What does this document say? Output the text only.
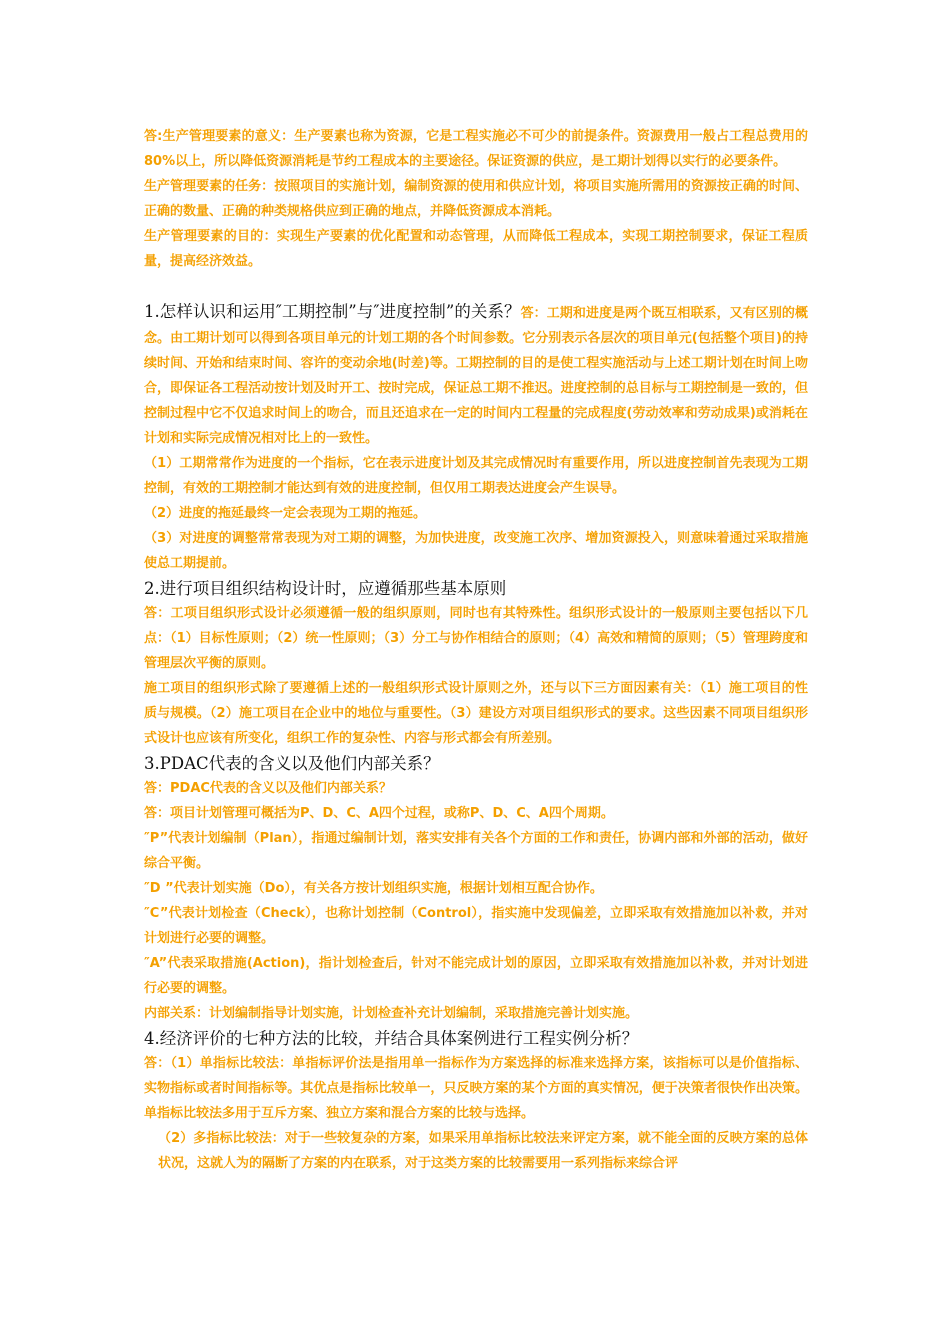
答:生产管理要素的意义：生产要素也称为资源，它是工程实施必不可少的前提条件。资源费用一般占工程总费用的80%以上，所以降低资源消耗是节约工程成本的主要途径。保证资源的供应，是工期计划得以实行的必要条件。

生产管理要素的任务：按照项目的实施计划，编制资源的使用和供应计划，将项目实施所需用的资源按正确的时间、正确的数量、正确的种类规格供应到正确的地点，并降低资源成本消耗。

生产管理要素的目的：实现生产要素的优化配置和动态管理，从而降低工程成本，实现工期控制要求，保证工程质量，提高经济效益。

1.怎样认识和运用″工期控制”与″进度控制”的关系？答：工期和进度是两个既互相联系，又有区别的概念。由工期计划可以得到各项目单元的计划工期的各个时间参数。它分别表示各层次的项目单元(包括整个项目)的持续时间、开始和结束时间、容许的变动余地(时差)等。工期控制的目的是使工程实施活动与上述工期计划在时间上吻合，即保证各工程活动按计划及时开工、按时完成，保证总工期不推迟。进度控制的总目标与工期控制是一致的，但控制过程中它不仅追求时间上的吻合，而且还追求在一定的时间内工程量的完成程度(劳动效率和劳动成果)或消耗在计划和实际完成情况相对比上的一致性。

（1）工期常常作为进度的一个指标，它在表示进度计划及其完成情况时有重要作用，所以进度控制首先表现为工期控制，有效的工期控制才能达到有效的进度控制，但仅用工期表达进度会产生误导。

（2）进度的拖延最终一定会表现为工期的拖延。

（3）对进度的调整常常表现为对工期的调整，为加快进度，改变施工次序、增加资源投入，则意味着通过采取措施使总工期提前。

2.进行项目组织结构设计时，应遵循那些基本原则

答：工项目组织形式设计必须遵循一般的组织原则，同时也有其特殊性。组织形式设计的一般原则主要包括以下几点：（1）目标性原则；（2）统一性原则；（3）分工与协作相结合的原则；（4）高效和精简的原则；（5）管理跨度和管理层次平衡的原则。

施工项目的组织形式除了要遵循上述的一般组织形式设计原则之外，还与以下三方面因素有关：（1）施工项目的性质与规模。（2）施工项目在企业中的地位与重要性。（3）建设方对项目组织形式的要求。这些因素不同项目组织形式设计也应该有所变化，组织工作的复杂性、内容与形式都会有所差别。

3.PDAC代表的含义以及他们内部关系？

答：PDAC代表的含义以及他们内部关系？

答：项目计划管理可概括为P、D、C、A四个过程，或称P、D、C、A四个周期。

″P”代表计划编制（Plan），指通过编制计划，落实安排有关各个方面的工作和责任，协调内部和外部的活动，做好综合平衡。

″D ”代表计划实施（Do），有关各方按计划组织实施，根据计划相互配合协作。

″C”代表计划检查（Check），也称计划控制（Control），指实施中发现偏差，立即采取有效措施加以补救，并对计划进行必要的调整。

″A”代表采取措施(Action)，指计划检查后，针对不能完成计划的原因，立即采取有效措施加以补救，并对计划进行必要的调整。

内部关系：计划编制指导计划实施，计划检查补充计划编制，采取措施完善计划实施。

4.经济评价的七种方法的比较，并结合具体案例进行工程实例分析？

答：（1）单指标比较法：单指标评价法是指用单一指标作为方案选择的标准来选择方案，该指标可以是价值指标、实物指标或者时间指标等。其优点是指标比较单一，只反映方案的某个方面的真实情况，便于决策者很快作出决策。单指标比较法多用于互斥方案、独立方案和混合方案的比较与选择。

（2）多指标比较法：对于一些较复杂的方案，如果采用单指标比较法来评定方案，就不能全面的反映方案的总体状况，这就人为的隔断了方案的内在联系，对于这类方案的比较需要用一系列指标来综合评
